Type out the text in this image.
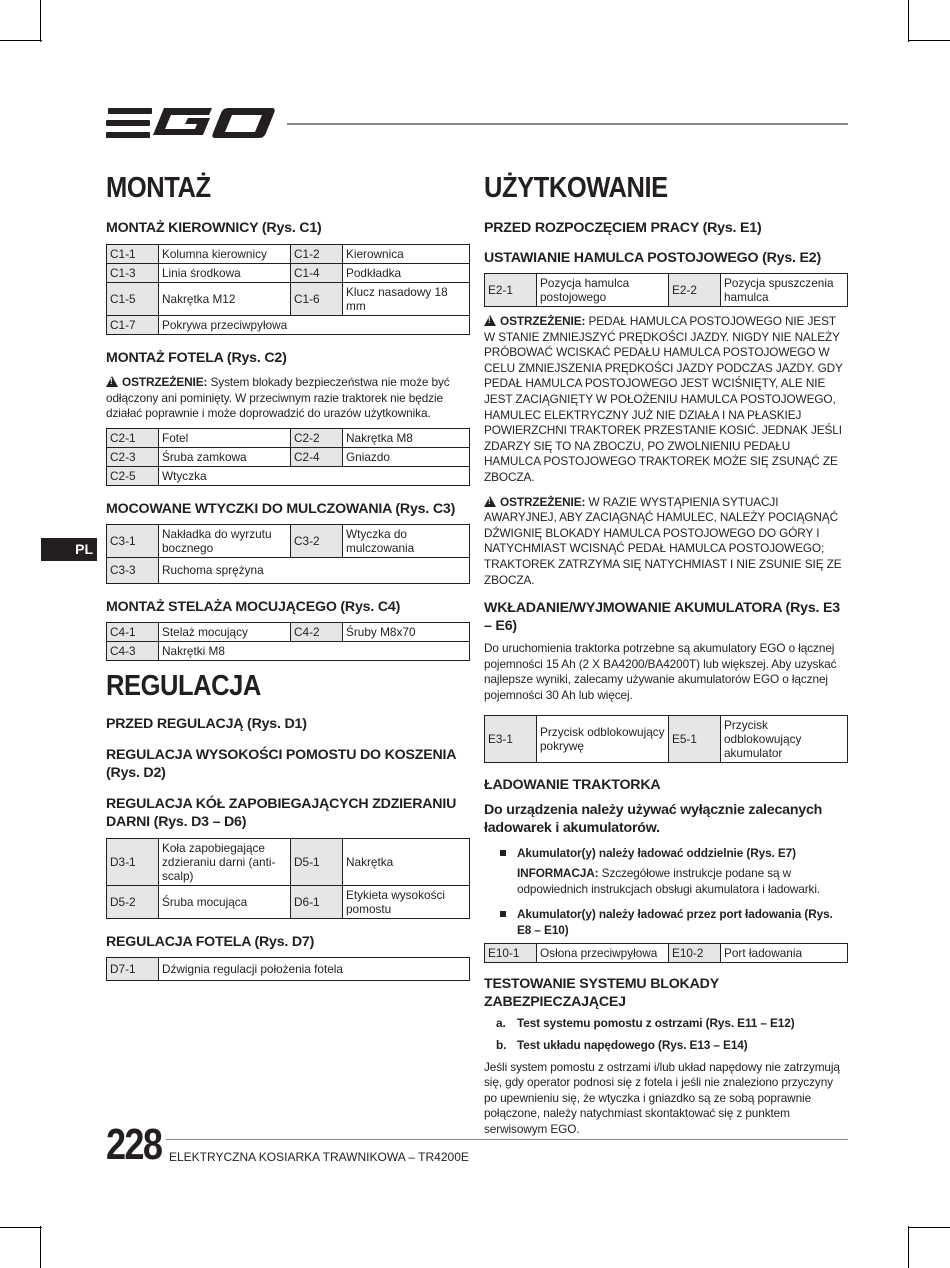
PL
MONTAŻ
MONTAŻ KIEROWNICY (Rys. C1)
C1-1	Kolumna kierownicy	C1-2	Kierownica
C1-3	Linia środkowa	C1-4	Podkładka
C1-5	Nakrętka M12	C1-6	Klucz nasadowy 18 mm
C1-7	Pokrywa przeciwpyłowa		
MONTAŻ FOTELA (Rys. C2)

!OSTRZEŻENIE: System blokady bezpieczeństwa nie może być odłączony ani pominięty. W przeciwnym razie traktorek nie będzie działać poprawnie i może doprowadzić do urazów użytkownika.

C2-1	Fotel	C2-2	Nakrętka M8
C2-3	Śruba zamkowa	C2-4	Gniazdo
C2-5	Wtyczka		
MOCOWANE WTYCZKI DO MULCZOWANIA (Rys. C3)
C3-1	Nakładka do wyrzutu bocznego	C3-2	Wtyczka do mulczowania
C3-3	Ruchoma sprężyna		
MONTAŻ STELAŻA MOCUJĄCEGO (Rys. C4)
C4-1	Stelaż mocujący	C4-2	Śruby M8x70
C4-3	Nakrętki M8		
REGULACJA
PRZED REGULACJĄ (Rys. D1)
REGULACJA WYSOKOŚCI POMOSTU DO KOSZENIA (Rys. D2)
REGULACJA KÓŁ ZAPOBIEGAJĄCYCH ZDZIERANIU DARNI (Rys. D3 – D6)
D3-1	Koła zapobiegające zdzieraniu darni (anti-scalp)	D5-1	Nakrętka
D5-2	Śruba mocująca	D6-1	Etykieta wysokości pomostu
REGULACJA FOTELA (Rys. D7)
D7-1	Dźwignia regulacji położenia fotela
UŻYTKOWANIE
PRZED ROZPOCZĘCIEM PRACY (Rys. E1)
USTAWIANIE HAMULCA POSTOJOWEGO (Rys. E2)
E2-1	Pozycja hamulca postojowego	E2-2	Pozycja spuszczenia hamulca

!OSTRZEŻENIE: PEDAŁ HAMULCA POSTOJOWEGO NIE JEST W STANIE ZMNIEJSZYĆ PRĘDKOŚCI JAZDY. NIGDY NIE NALEŻY PRÓBOWAĆ WCISKAĆ PEDAŁU HAMULCA POSTOJOWEGO W CELU ZMNIEJSZENIA PRĘDKOŚCI JAZDY PODCZAS JAZDY. GDY PEDAŁ HAMULCA POSTOJOWEGO JEST WCIŚNIĘTY, ALE NIE JEST ZACIĄGNIĘTY W POŁOŻENIU HAMULCA POSTOJOWEGO, HAMULEC ELEKTRYCZNY JUŻ NIE DZIAŁA I NA PŁASKIEJ POWIERZCHNI TRAKTOREK PRZESTANIE KOSIĆ. JEDNAK JEŚLI ZDARZY SIĘ TO NA ZBOCZU, PO ZWOLNIENIU PEDAŁU HAMULCA POSTOJOWEGO TRAKTOREK MOŻE SIĘ ZSUNĄĆ ZE ZBOCZA.

!OSTRZEŻENIE: W RAZIE WYSTĄPIENIA SYTUACJI AWARYJNEJ, ABY ZACIĄGNĄĆ HAMULEC, NALEŻY POCIĄGNĄĆ DŹWIGNIĘ BLOKADY HAMULCA POSTOJOWEGO DO GÓRY I NATYCHMIAST WCISNĄĆ PEDAŁ HAMULCA POSTOJOWEGO; TRAKTOREK ZATRZYMA SIĘ NATYCHMIAST I NIE ZSUNIE SIĘ ZE ZBOCZA.

WKŁADANIE/WYJMOWANIE AKUMULATORA (Rys. E3 – E6)

Do uruchomienia traktorka potrzebne są akumulatory EGO o łącznej pojemności 15 Ah (2 X BA4200/BA4200T) lub większej. Aby uzyskać najlepsze wyniki, zalecamy używanie akumulatorów EGO o łącznej pojemności 30 Ah lub więcej.

E3-1	Przycisk odblokowujący pokrywę	E5-1	Przycisk odblokowujący akumulator
ŁADOWANIE TRAKTORKA
Do urządzenia należy używać wyłącznie zalecanych ładowarek i akumulatorów.

Akumulator(y) należy ładować oddzielnie (Rys. E7)

INFORMACJA: Szczegółowe instrukcje podane są w odpowiednich instrukcjach obsługi akumulatora i ładowarki.

Akumulator(y) należy ładować przez port ładowania (Rys. E8 – E10)

E10-1	Osłona przeciwpyłowa	E10-2	Port ładowania
TESTOWANIE SYSTEMU BLOKADY ZABEZPIECZAJĄCEJ
a. Test systemu pomostu z ostrzami (Rys. E11 – E12)
b. Test układu napędowego (Rys. E13 – E14)

Jeśli system pomostu z ostrzami i/lub układ napędowy nie zatrzymują się, gdy operator podnosi się z fotela i jeśli nie znaleziono przyczyny po upewnieniu się, że wtyczka i gniazdko są ze sobą poprawnie połączone, należy natychmiast skontaktować się z punktem serwisowym EGO.

228 ELEKTRYCZNA KOSIARKA TRAWNIKOWA – TR4200E
